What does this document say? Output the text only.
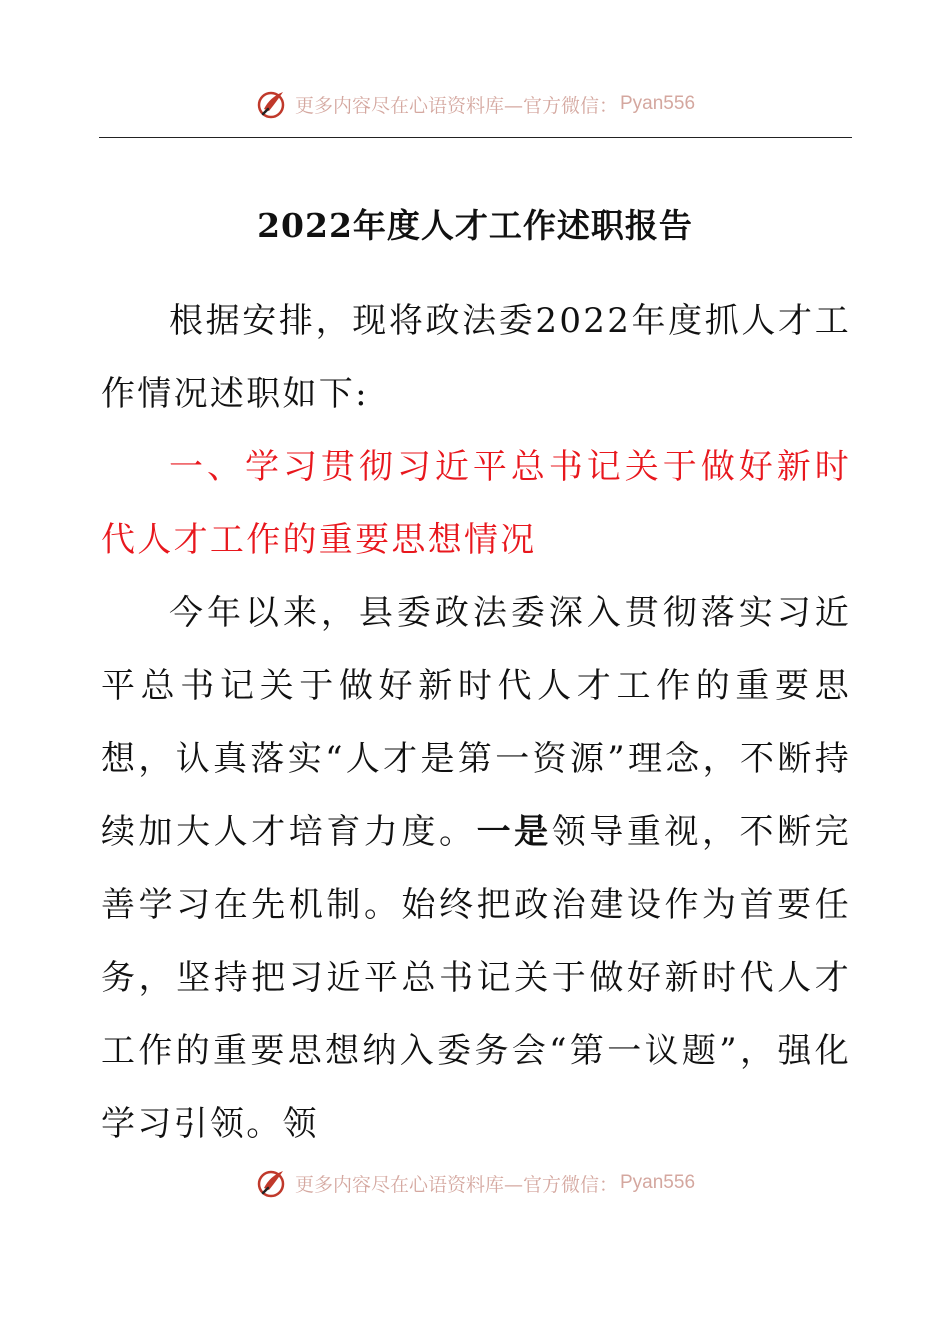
更多内容尽在心语资料库—官方微信： Pyan556
2022年度人才工作述职报告

根据安排，现将政法委2022年度抓人才工作情况述职如下:

一、学习贯彻习近平总书记关于做好新时代人才工作的重要思想情况

今年以来，县委政法委深入贯彻落实习近平总书记关于做好新时代人才工作的重要思想，认真落实“人才是第一资源”理念，不断持续加大人才培育力度。一是领导重视，不断完善学习在先机制。始终把政治建设作为首要任务，坚持把习近平总书记关于做好新时代人才工作的重要思想纳入委务会“第一议题”，强化学习引领。领

更多内容尽在心语资料库—官方微信： Pyan556
